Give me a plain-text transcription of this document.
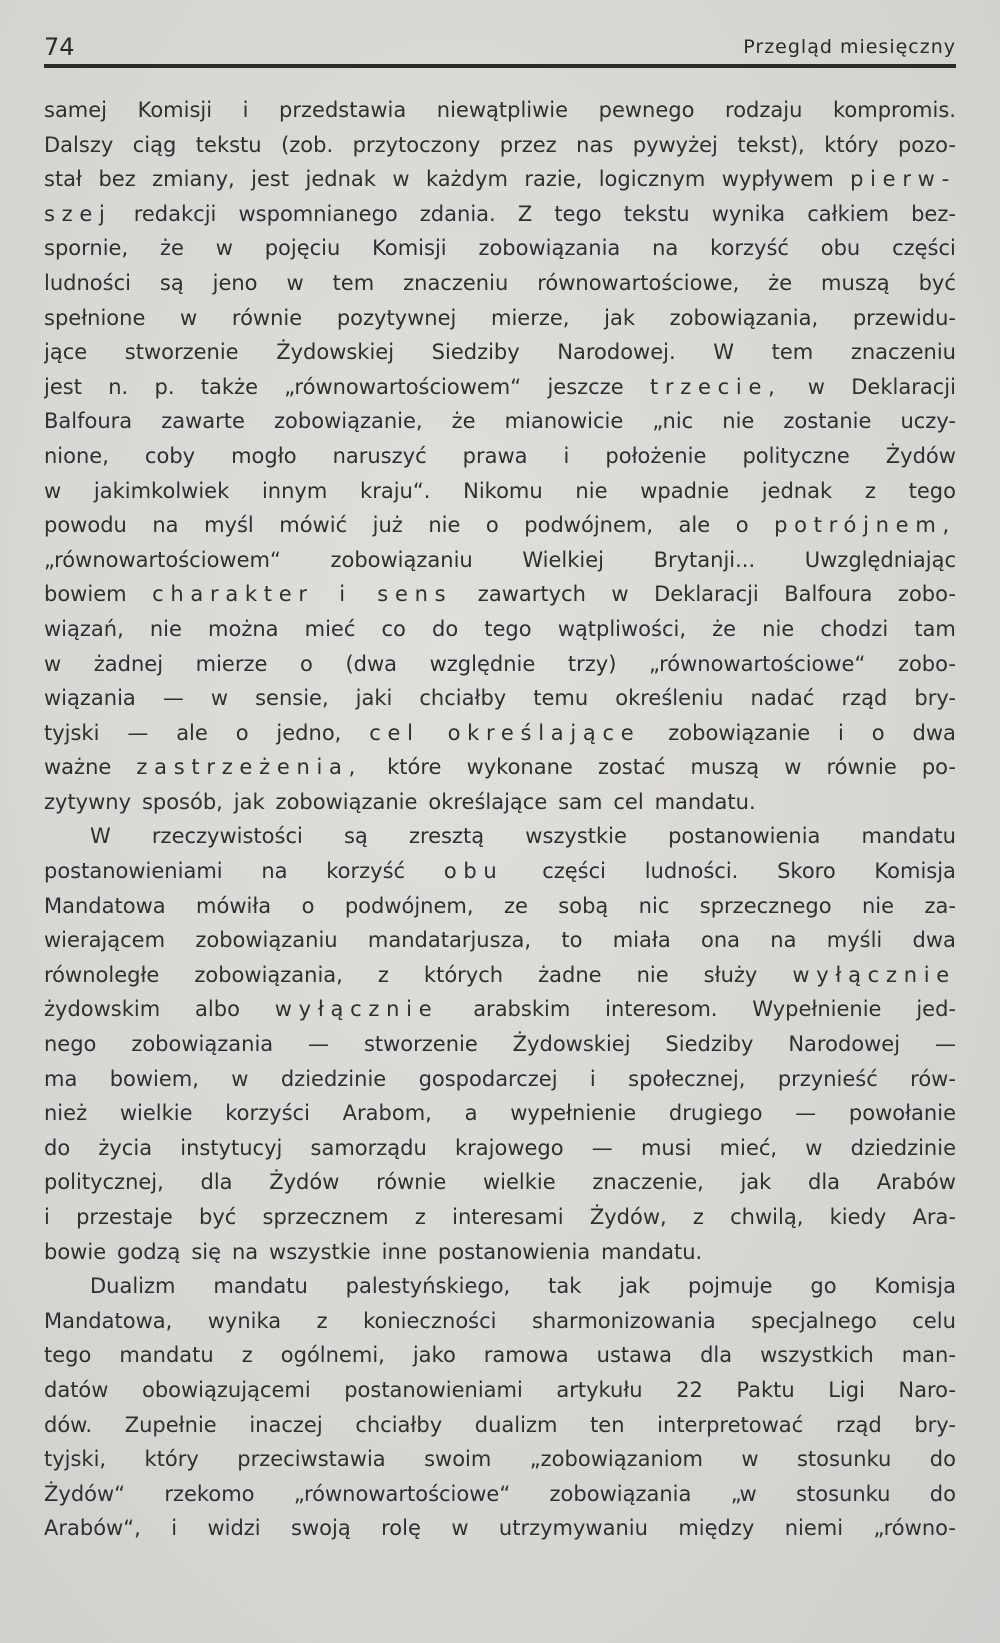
74	Przegląd miesięczny
samej Komisji i przedstawia niewątpliwie pewnego rodzaju kompromis.
Dalszy ciąg tekstu (zob. przytoczony przez nas pywyżej tekst), który pozo-
stał bez zmiany, jest jednak w każdym razie, logicznym wypływem pierw-
szej redakcji wspomnianego zdania. Z tego tekstu wynika całkiem bez-
spornie, że w pojęciu Komisji zobowiązania na korzyść obu części
ludności są jeno w tem znaczeniu równowartościowe, że muszą być
spełnione w równie pozytywnej mierze, jak zobowiązania, przewidu-
jące stworzenie Żydowskiej Siedziby Narodowej. W tem znaczeniu
jest n. p. także „równowartościowem“ jeszcze trzecie, w Deklaracji
Balfoura zawarte zobowiązanie, że mianowicie „nic nie zostanie uczy-
nione, coby mogło naruszyć prawa i położenie polityczne Żydów
w jakimkolwiek innym kraju“. Nikomu nie wpadnie jednak z tego
powodu na myśl mówić już nie o podwójnem, ale o potrójnem,
„równowartościowem“ zobowiązaniu Wielkiej Brytanji... Uwzględniając
bowiem charakter i sens zawartych w Deklaracji Balfoura zobo-
wiązań, nie można mieć co do tego wątpliwości, że nie chodzi tam
w żadnej mierze o (dwa względnie trzy) „równowartościowe“ zobo-
wiązania — w sensie, jaki chciałby temu określeniu nadać rząd bry-
tyjski — ale o jedno, cel określające zobowiązanie i o dwa
ważne zastrzeżenia, które wykonane zostać muszą w równie po-
zytywny sposób, jak zobowiązanie określające sam cel mandatu.
W rzeczywistości są zresztą wszystkie postanowienia mandatu
postanowieniami na korzyść obu części ludności. Skoro Komisja
Mandatowa mówiła o podwójnem, ze sobą nic sprzecznego nie za-
wierającem zobowiązaniu mandatarjusza, to miała ona na myśli dwa
równoległe zobowiązania, z których żadne nie służy wyłącznie
żydowskim albo wyłącznie arabskim interesom. Wypełnienie jed-
nego zobowiązania — stworzenie Żydowskiej Siedziby Narodowej —
ma bowiem, w dziedzinie gospodarczej i społecznej, przynieść rów-
nież wielkie korzyści Arabom, a wypełnienie drugiego — powołanie
do życia instytucyj samorządu krajowego — musi mieć, w dziedzinie
politycznej, dla Żydów równie wielkie znaczenie, jak dla Arabów
i przestaje być sprzecznem z interesami Żydów, z chwilą, kiedy Ara-
bowie godzą się na wszystkie inne postanowienia mandatu.
Dualizm mandatu palestyńskiego, tak jak pojmuje go Komisja
Mandatowa, wynika z konieczności sharmonizowania specjalnego celu
tego mandatu z ogólnemi, jako ramowa ustawa dla wszystkich man-
datów obowiązującemi postanowieniami artykułu 22 Paktu Ligi Naro-
dów. Zupełnie inaczej chciałby dualizm ten interpretować rząd bry-
tyjski, który przeciwstawia swoim „zobowiązaniom w stosunku do
Żydów“ rzekomo „równowartościowe“ zobowiązania „w stosunku do
Arabów“, i widzi swoją rolę w utrzymywaniu między niemi „równo-
